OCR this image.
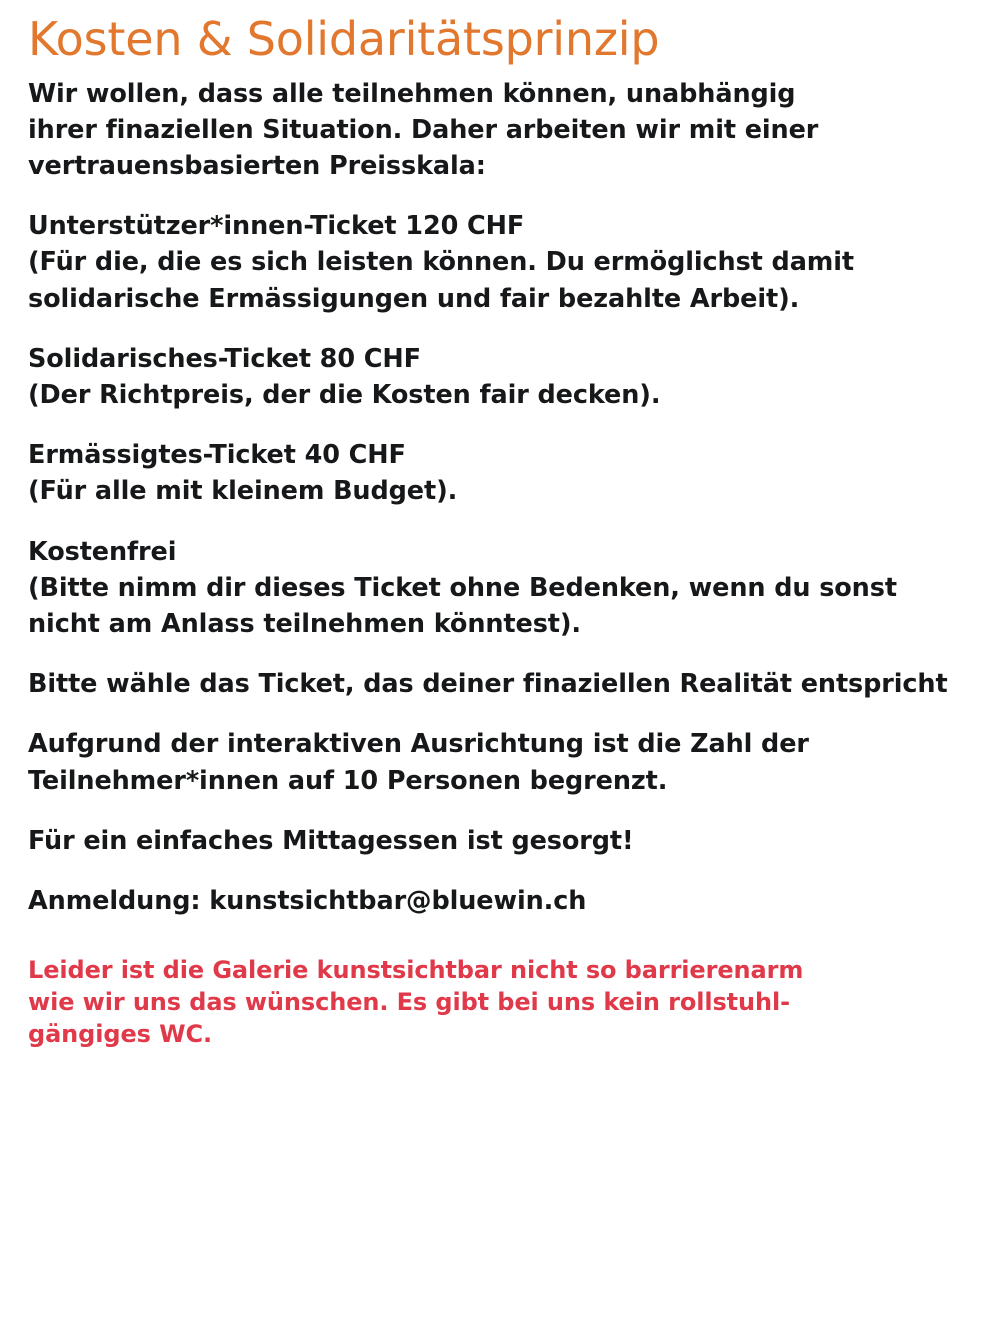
Kosten & Solidaritätsprinzip

Wir wollen, dass alle teilnehmen können, unabhängig

ihrer finaziellen Situation. Daher arbeiten wir mit einer

vertrauensbasierten Preisskala:

Unterstützer*innen-Ticket 120 CHF

(Für die, die es sich leisten können. Du ermöglichst damit

solidarische Ermässigungen und fair bezahlte Arbeit).

Solidarisches-Ticket 80 CHF

(Der Richtpreis, der die Kosten fair decken).

Ermässigtes-Ticket 40 CHF

(Für alle mit kleinem Budget).

Kostenfrei

(Bitte nimm dir dieses Ticket ohne Bedenken, wenn du sonst

nicht am Anlass teilnehmen könntest).

Bitte wähle das Ticket, das deiner finaziellen Realität entspricht

Aufgrund der interaktiven Ausrichtung ist die Zahl der

Teilnehmer*innen auf 10 Personen begrenzt.

Für ein einfaches Mittagessen ist gesorgt!

Anmeldung: kunstsichtbar@bluewin.ch

Leider ist die Galerie kunstsichtbar nicht so barrierenarm

wie wir uns das wünschen. Es gibt bei uns kein rollstuhl-

gängiges WC.
